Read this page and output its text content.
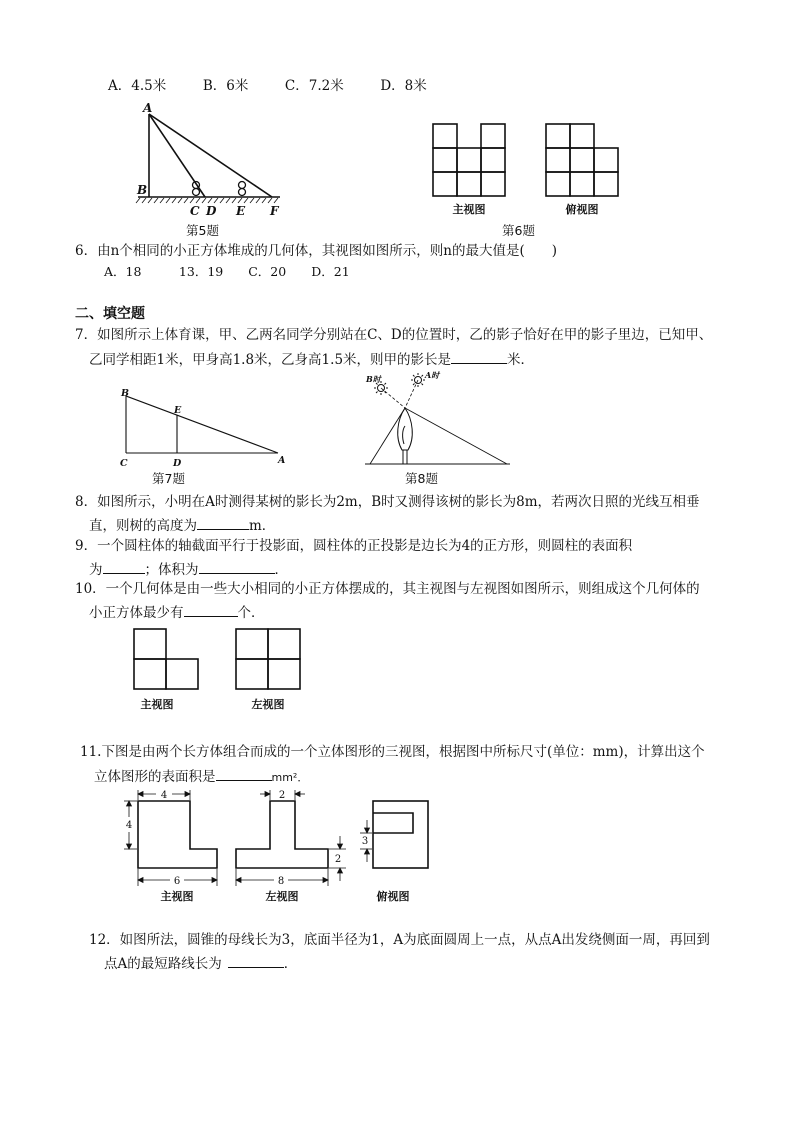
A．4.5米	B．6米	C．7.2米	D．8米
A
B
C D E F
第5题
主视图	俯视图
第6题
6．由n个相同的小正方体堆成的几何体，其视图如图所示，则n的最大值是(　　)
A．18　　　13．19　　C．20　　D．21
二、填空题
7．如图所示上体育课，甲、乙两名同学分别站在C、D的位置时，乙的影子恰好在甲的影子里边，已知甲、
乙同学相距1米，甲身高1.8米，乙身高1.5米，则甲的影长是	米．
B
E
C	D	A
第7题
B时	A时
第8题
8．如图所示，小明在A时测得某树的影长为2m，B时又测得该树的影长为8m，若两次日照的光线互相垂
直，则树的高度为	m．
9．一个圆柱体的轴截面平行于投影面，圆柱体的正投影是边长为4的正方形，则圆柱的表面积
为	；体积为	．
10．一个几何体是由一些大小相同的小正方体摆成的，其主视图与左视图如图所示，则组成这个几何体的
小正方体最少有	个．
主视图	左视图
11.下图是由两个长方体组合而成的一个立体图形的三视图，根据图中所标尺寸(单位：mm)，计算出这个
立体图形的表面积是	mm²．
4
4
6
主视图
2
2
8
左视图
3
俯视图
12．如图所法，圆锥的母线长为3，底面半径为1，A为底面圆周上一点，从点A出发绕侧面一周，再回到
点A的最短路线长为	．
